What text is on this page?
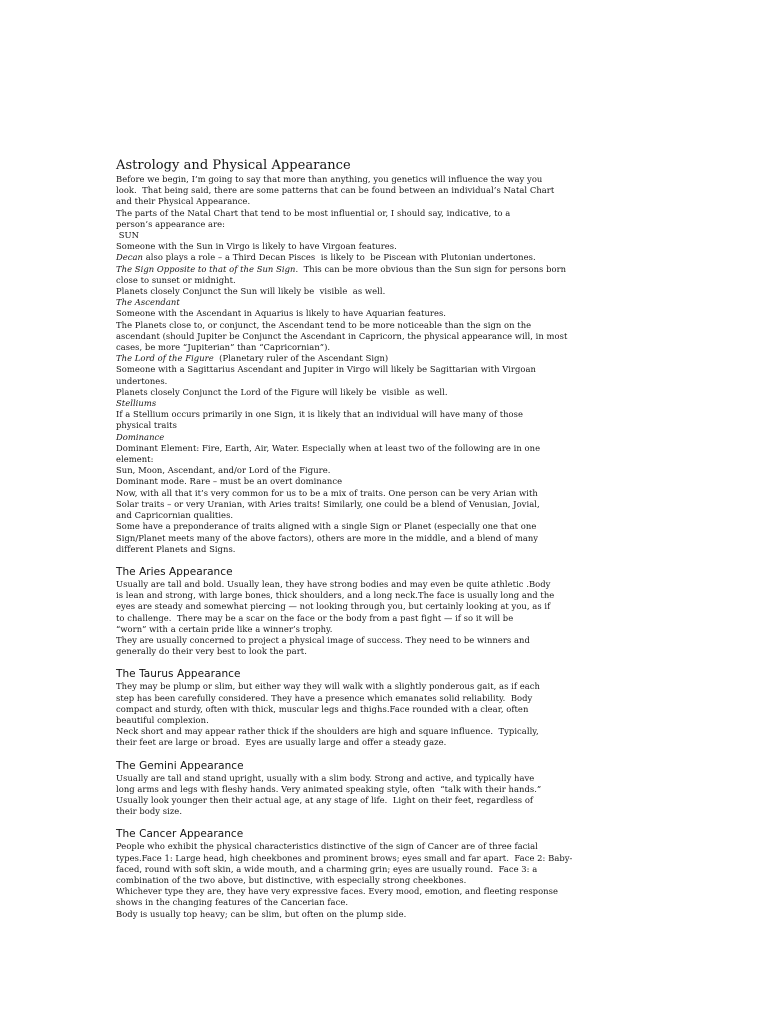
Astrology and Physical Appearance
Before we begin, I’m going to say that more than anything, you genetics will influence the way you
look.  That being said, there are some patterns that can be found between an individual’s Natal Chart
and their Physical Appearance.
The parts of the Natal Chart that tend to be most influential or, I should say, indicative, to a
person’s appearance are:
SUN
Someone with the Sun in Virgo is likely to have Virgoan features.
Decan also plays a role – a Third Decan Pisces  is likely to  be Piscean with Plutonian undertones.
The Sign Opposite to that of the Sun Sign.  This can be more obvious than the Sun sign for persons born
close to sunset or midnight.
Planets closely Conjunct the Sun will likely be  visible  as well.
The Ascendant
Someone with the Ascendant in Aquarius is likely to have Aquarian features.
The Planets close to, or conjunct, the Ascendant tend to be more noticeable than the sign on the
ascendant (should Jupiter be Conjunct the Ascendant in Capricorn, the physical appearance will, in most
cases, be more “Jupiterian” than “Capricornian”).
The Lord of the Figure  (Planetary ruler of the Ascendant Sign)
Someone with a Sagittarius Ascendant and Jupiter in Virgo will likely be Sagittarian with Virgoan
undertones.
Planets closely Conjunct the Lord of the Figure will likely be  visible  as well.
Stelliums
If a Stellium occurs primarily in one Sign, it is likely that an individual will have many of those
physical traits
Dominance
Dominant Element: Fire, Earth, Air, Water. Especially when at least two of the following are in one
element:
Sun, Moon, Ascendant, and/or Lord of the Figure.
Dominant mode. Rare – must be an overt dominance
Now, with all that it’s very common for us to be a mix of traits. One person can be very Arian with
Solar traits – or very Uranian, with Aries traits! Similarly, one could be a blend of Venusian, Jovial,
and Capricornian qualities.
Some have a preponderance of traits aligned with a single Sign or Planet (especially one that one
Sign/Planet meets many of the above factors), others are more in the middle, and a blend of many
different Planets and Signs.
The Aries Appearance
Usually are tall and bold. Usually lean, they have strong bodies and may even be quite athletic .Body
is lean and strong, with large bones, thick shoulders, and a long neck.The face is usually long and the
eyes are steady and somewhat piercing — not looking through you, but certainly looking at you, as if
to challenge.  There may be a scar on the face or the body from a past fight — if so it will be
“worn” with a certain pride like a winner’s trophy.
They are usually concerned to project a physical image of success. They need to be winners and
generally do their very best to look the part.
The Taurus Appearance
They may be plump or slim, but either way they will walk with a slightly ponderous gait, as if each
step has been carefully considered. They have a presence which emanates solid reliability.  Body
compact and sturdy, often with thick, muscular legs and thighs.Face rounded with a clear, often
beautiful complexion.
Neck short and may appear rather thick if the shoulders are high and square influence.  Typically,
their feet are large or broad.  Eyes are usually large and offer a steady gaze.
The Gemini Appearance
Usually are tall and stand upright, usually with a slim body. Strong and active, and typically have
long arms and legs with fleshy hands. Very animated speaking style, often  “talk with their hands.”
Usually look younger then their actual age, at any stage of life.  Light on their feet, regardless of
their body size.
The Cancer Appearance
People who exhibit the physical characteristics distinctive of the sign of Cancer are of three facial
types.Face 1: Large head, high cheekbones and prominent brows; eyes small and far apart.  Face 2: Baby-
faced, round with soft skin, a wide mouth, and a charming grin; eyes are usually round.  Face 3: a
combination of the two above, but distinctive, with especially strong cheekbones.
Whichever type they are, they have very expressive faces. Every mood, emotion, and fleeting response
shows in the changing features of the Cancerian face.
Body is usually top heavy; can be slim, but often on the plump side.
